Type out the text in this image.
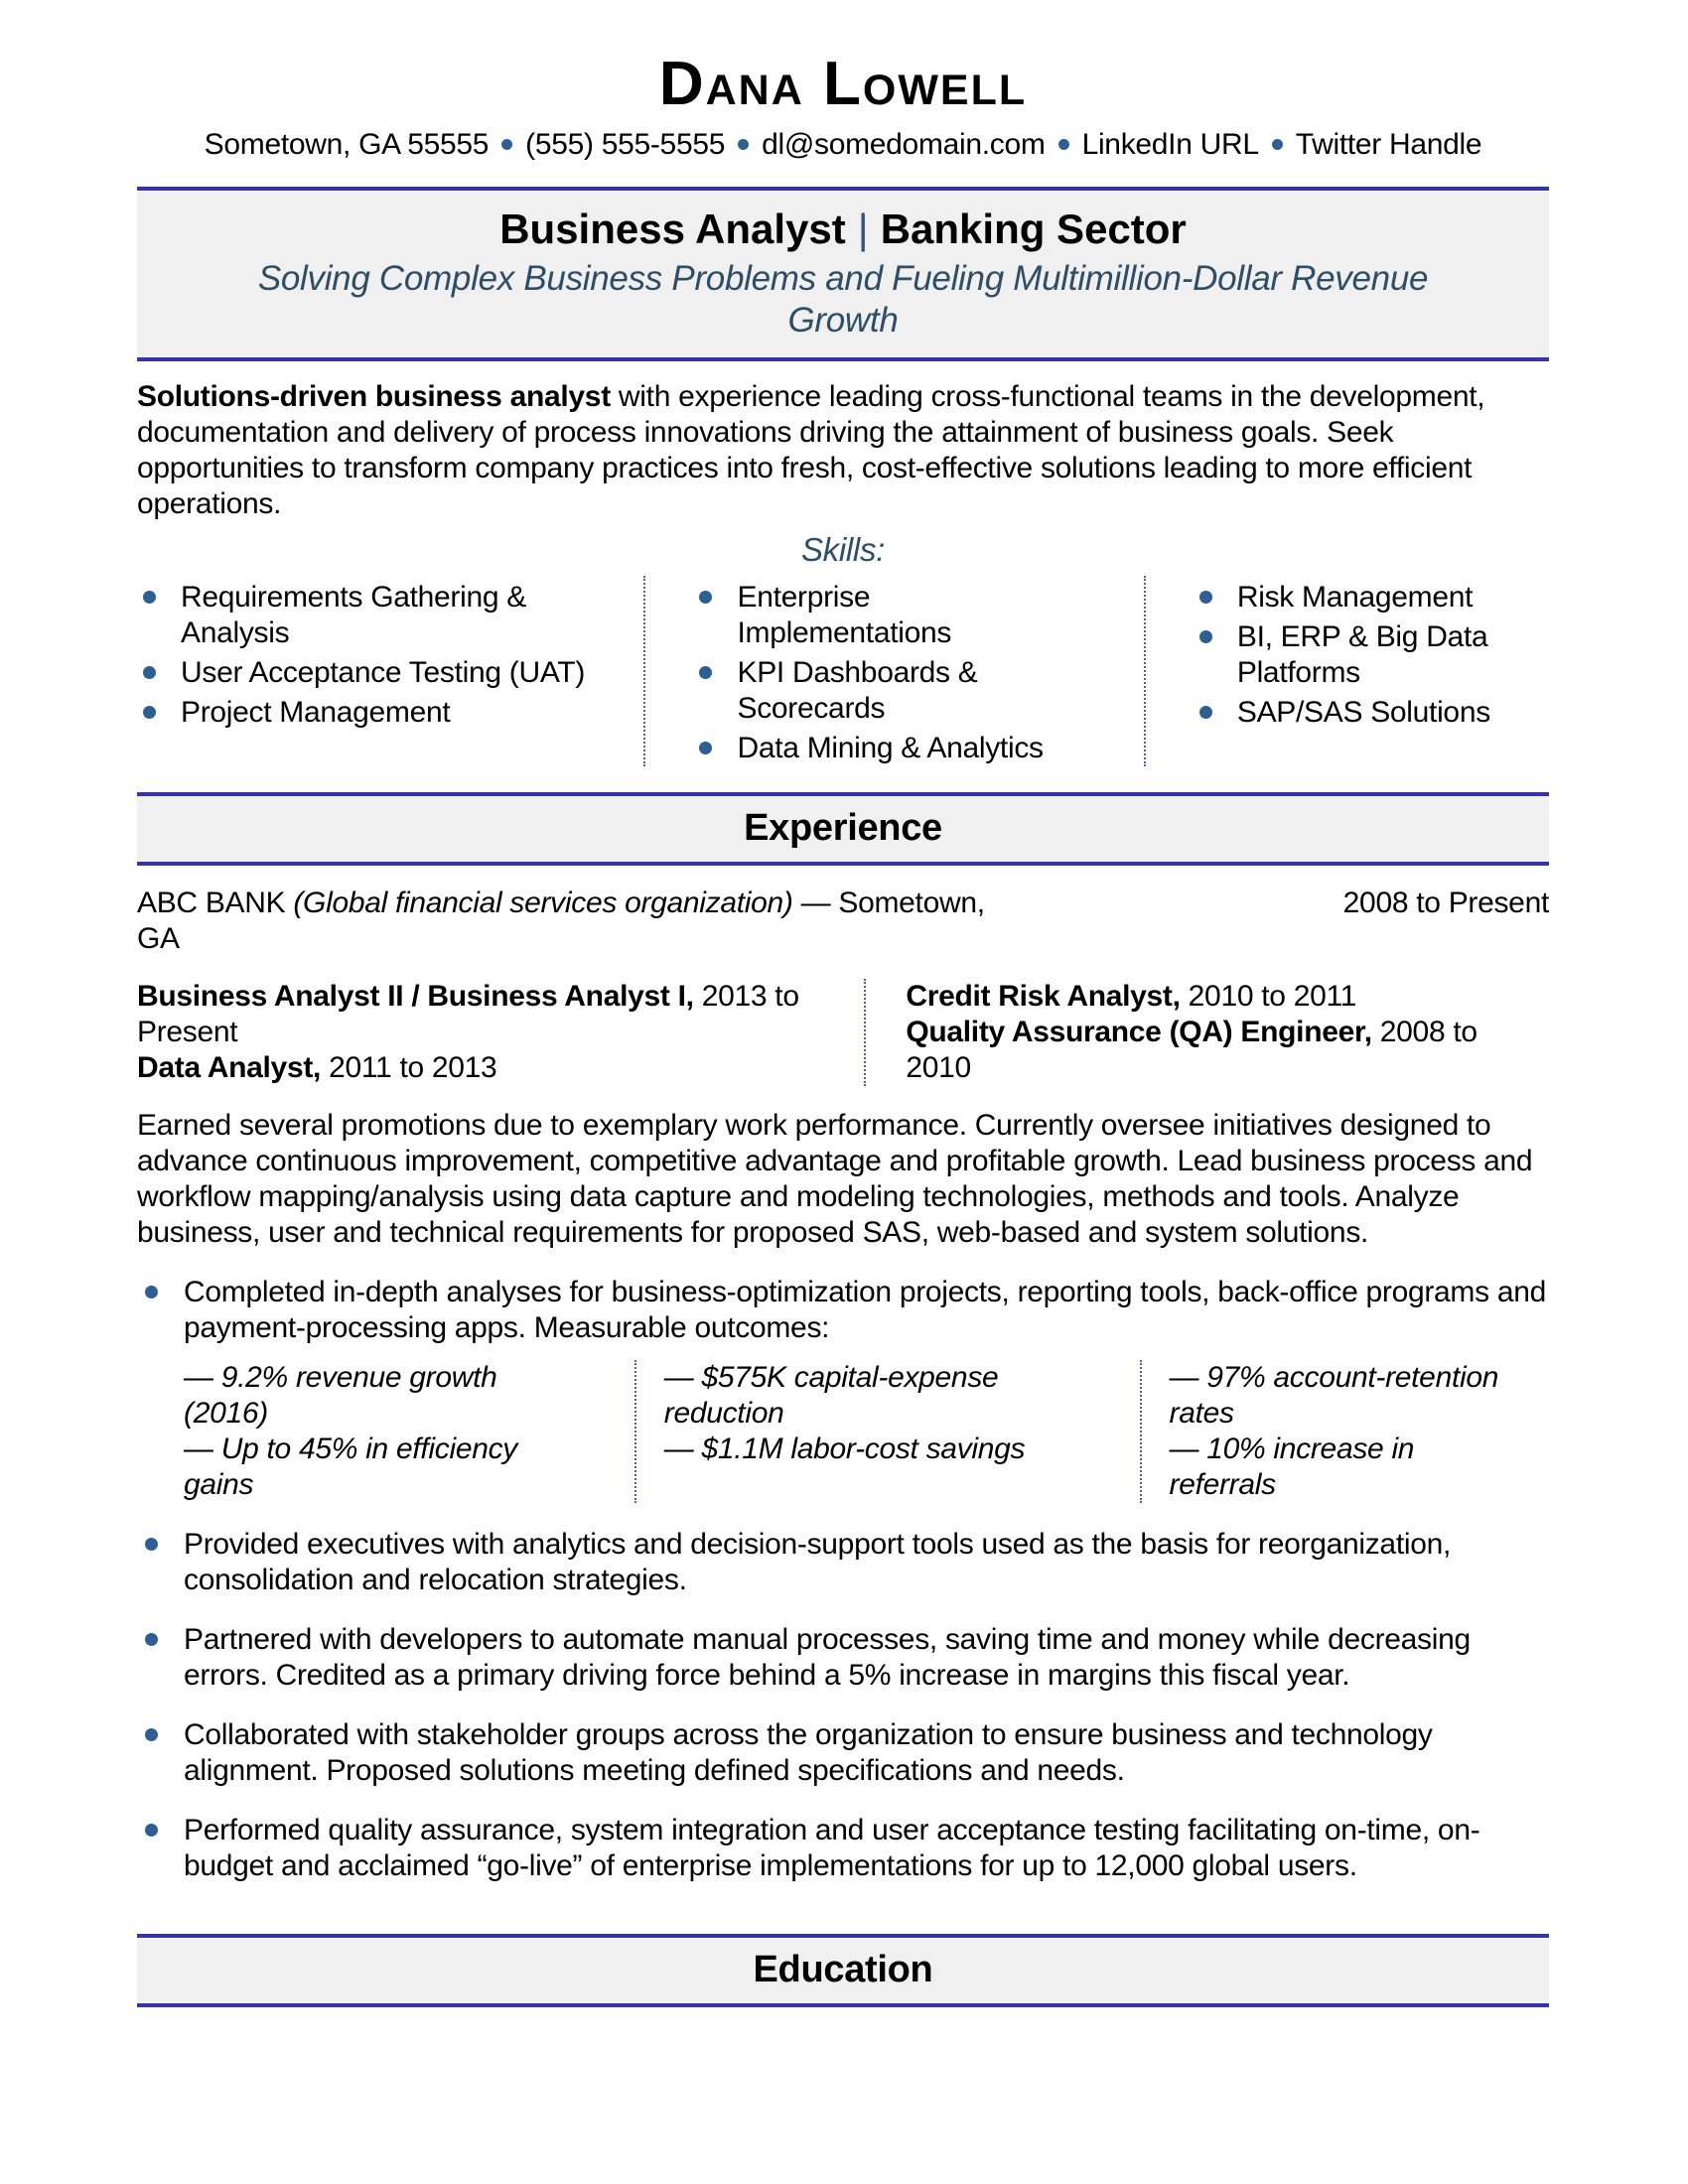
Dana Lowell
Sometown, GA 55555 (555) 555-5555 dl@somedomain.com LinkedIn URL Twitter Handle
Business Analyst | Banking Sector
Solving Complex Business Problems and Fueling Multimillion-Dollar Revenue Growth

Solutions-driven business analyst with experience leading cross-functional teams in the development, documentation and delivery of process innovations driving the attainment of business goals. Seek opportunities to transform company practices into fresh, cost-effective solutions leading to more efficient operations.

Skills:
Requirements Gathering & Analysis
User Acceptance Testing (UAT)
Project Management
Enterprise Implementations
KPI Dashboards & Scorecards
Data Mining & Analytics
Risk Management
BI, ERP & Big Data Platforms
SAP/SAS Solutions
Experience
ABC BANK (Global financial services organization) — Sometown, GA
2008 to Present
Business Analyst II / Business Analyst I, 2013 to Present
Data Analyst, 2011 to 2013
Credit Risk Analyst, 2010 to 2011
Quality Assurance (QA) Engineer, 2008 to 2010

Earned several promotions due to exemplary work performance. Currently oversee initiatives designed to advance continuous improvement, competitive advantage and profitable growth. Lead business process and workflow mapping/analysis using data capture and modeling technologies, methods and tools. Analyze business, user and technical requirements for proposed SAS, web-based and system solutions.

Completed in-depth analyses for business-optimization projects, reporting tools, back-office programs and payment-processing apps. Measurable outcomes:
— 9.2% revenue growth (2016)
— Up to 45% in efficiency gains
— $575K capital-expense reduction
— $1.1M labor-cost savings
— 97% account-retention rates
— 10% increase in referrals
Provided executives with analytics and decision-support tools used as the basis for reorganization, consolidation and relocation strategies.
Partnered with developers to automate manual processes, saving time and money while decreasing errors. Credited as a primary driving force behind a 5% increase in margins this fiscal year.
Collaborated with stakeholder groups across the organization to ensure business and technology alignment. Proposed solutions meeting defined specifications and needs.
Performed quality assurance, system integration and user acceptance testing facilitating on-time, on-budget and acclaimed “go-live” of enterprise implementations for up to 12,000 global users.
Education
